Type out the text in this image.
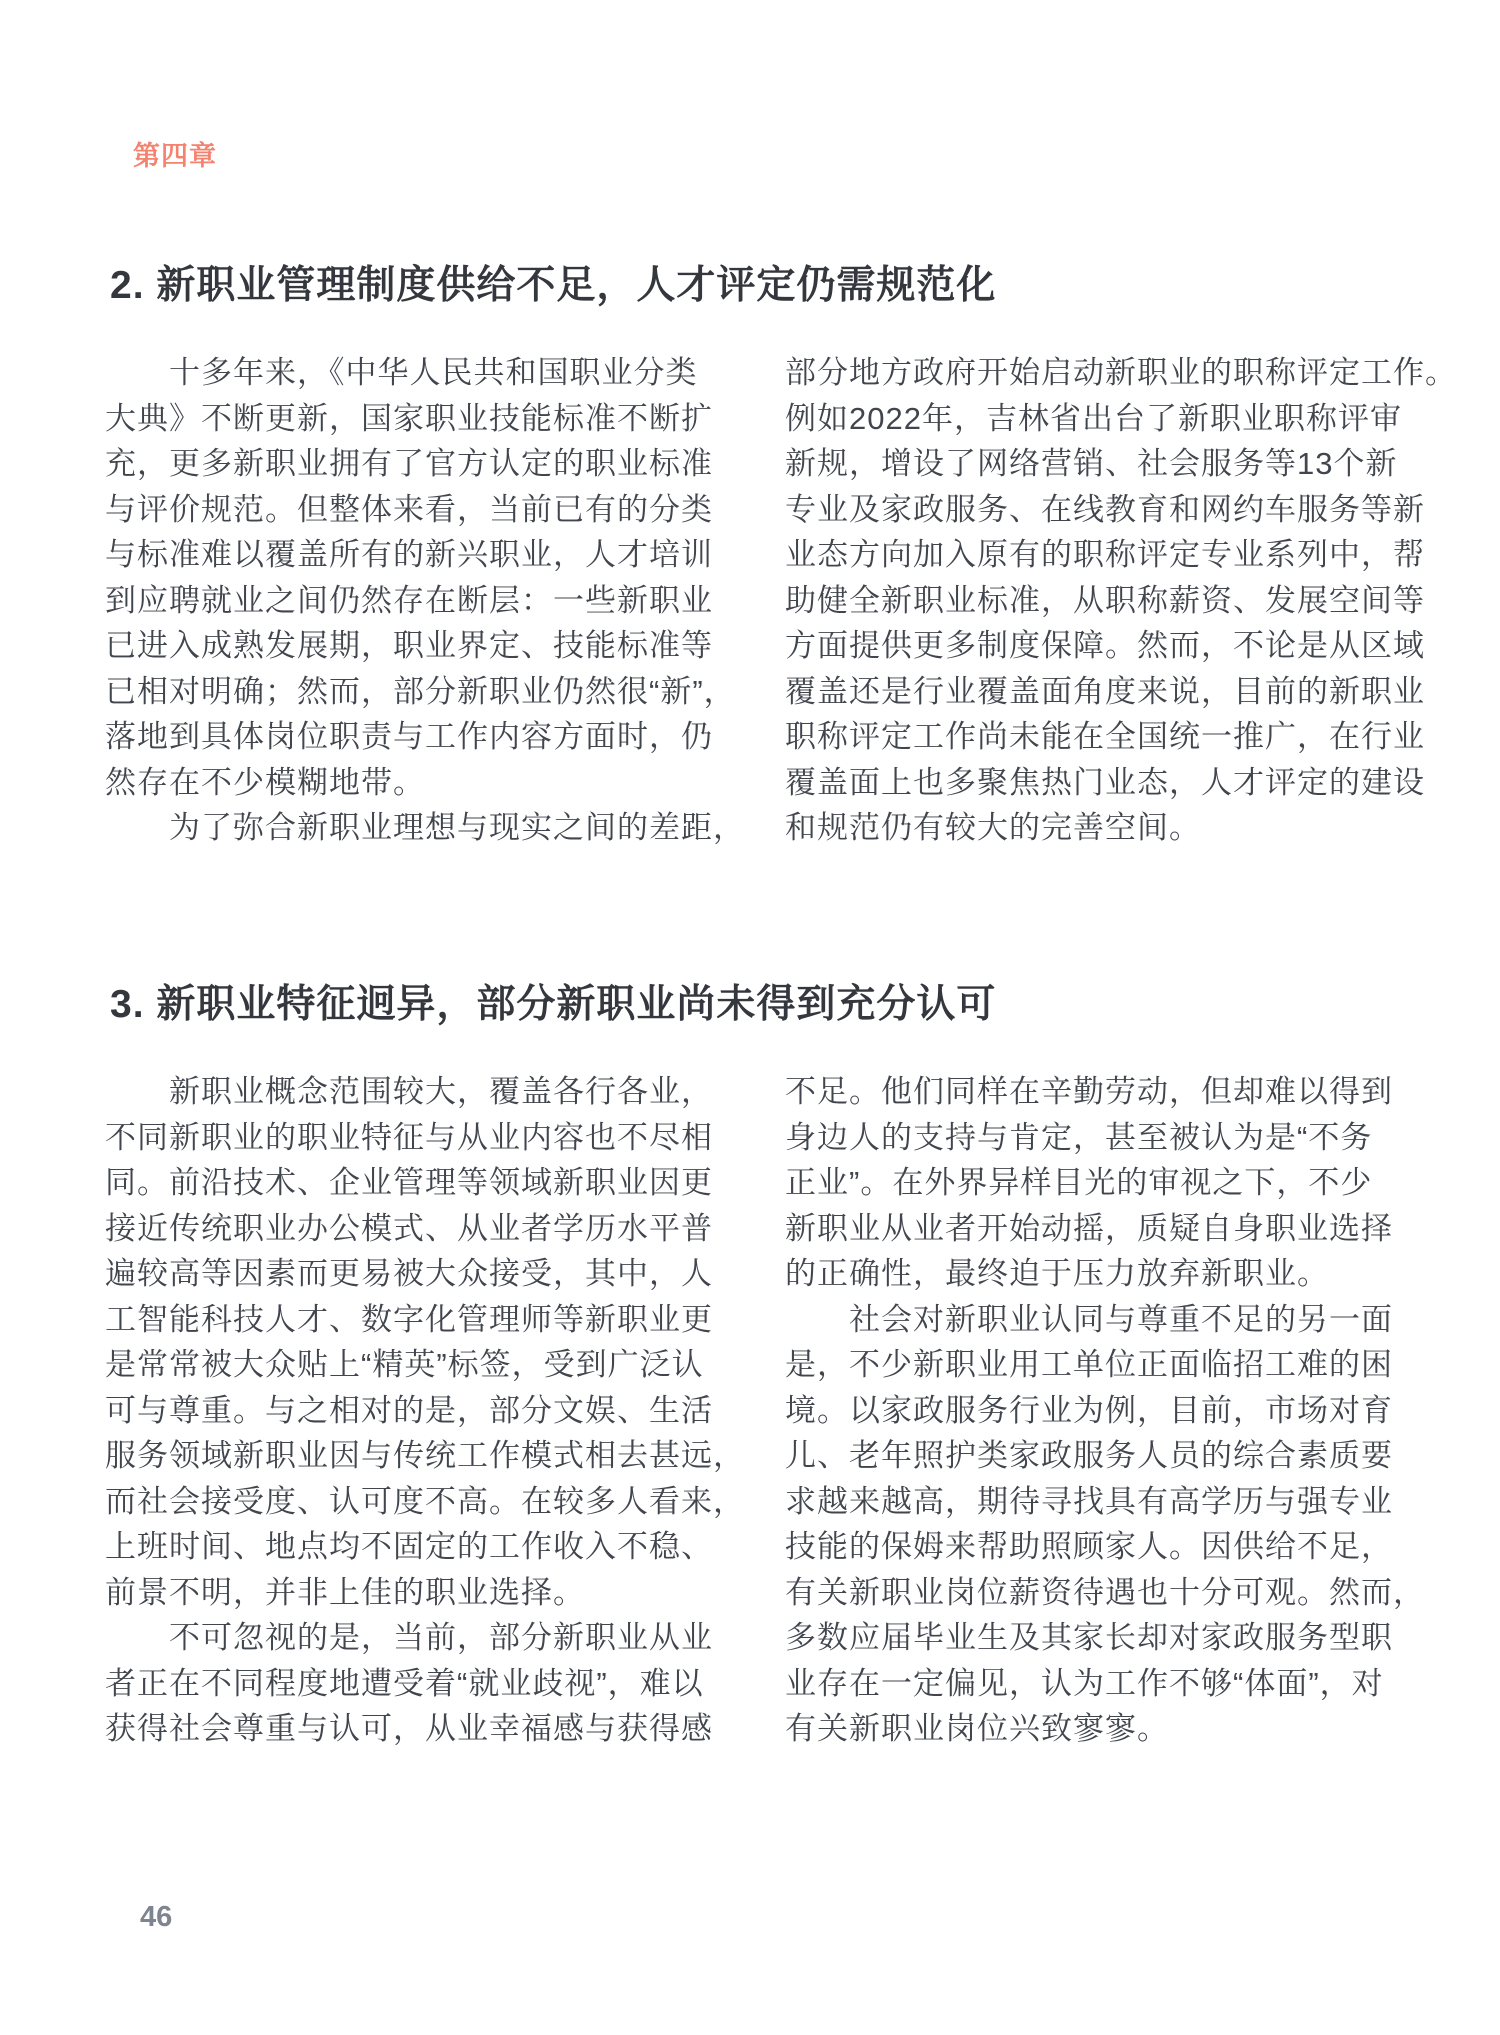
第四章
2. 新职业管理制度供给不足，人才评定仍需规范化
　　十多年来，《中华人民共和国职业分类
大典》不断更新，国家职业技能标准不断扩
充，更多新职业拥有了官方认定的职业标准
与评价规范。但整体来看，当前已有的分类
与标准难以覆盖所有的新兴职业，人才培训
到应聘就业之间仍然存在断层：一些新职业
已进入成熟发展期，职业界定、技能标准等
已相对明确；然而，部分新职业仍然很“新”，
落地到具体岗位职责与工作内容方面时，仍
然存在不少模糊地带。
　　为了弥合新职业理想与现实之间的差距，
部分地方政府开始启动新职业的职称评定工作。
例如2022年，吉林省出台了新职业职称评审
新规，增设了网络营销、社会服务等13个新
专业及家政服务、在线教育和网约车服务等新
业态方向加入原有的职称评定专业系列中，帮
助健全新职业标准，从职称薪资、发展空间等
方面提供更多制度保障。然而，不论是从区域
覆盖还是行业覆盖面角度来说，目前的新职业
职称评定工作尚未能在全国统一推广，在行业
覆盖面上也多聚焦热门业态，人才评定的建设
和规范仍有较大的完善空间。
3. 新职业特征迥异，部分新职业尚未得到充分认可
　　新职业概念范围较大，覆盖各行各业，
不同新职业的职业特征与从业内容也不尽相
同。前沿技术、企业管理等领域新职业因更
接近传统职业办公模式、从业者学历水平普
遍较高等因素而更易被大众接受，其中，人
工智能科技人才、数字化管理师等新职业更
是常常被大众贴上“精英”标签，受到广泛认
可与尊重。与之相对的是，部分文娱、生活
服务领域新职业因与传统工作模式相去甚远，
而社会接受度、认可度不高。在较多人看来，
上班时间、地点均不固定的工作收入不稳、
前景不明，并非上佳的职业选择。
　　不可忽视的是，当前，部分新职业从业
者正在不同程度地遭受着“就业歧视”，难以
获得社会尊重与认可，从业幸福感与获得感
不足。他们同样在辛勤劳动，但却难以得到
身边人的支持与肯定，甚至被认为是“不务
正业”。在外界异样目光的审视之下，不少
新职业从业者开始动摇，质疑自身职业选择
的正确性，最终迫于压力放弃新职业。
　　社会对新职业认同与尊重不足的另一面
是，不少新职业用工单位正面临招工难的困
境。以家政服务行业为例，目前，市场对育
儿、老年照护类家政服务人员的综合素质要
求越来越高，期待寻找具有高学历与强专业
技能的保姆来帮助照顾家人。因供给不足，
有关新职业岗位薪资待遇也十分可观。然而，
多数应届毕业生及其家长却对家政服务型职
业存在一定偏见，认为工作不够“体面”，对
有关新职业岗位兴致寥寥。
46
